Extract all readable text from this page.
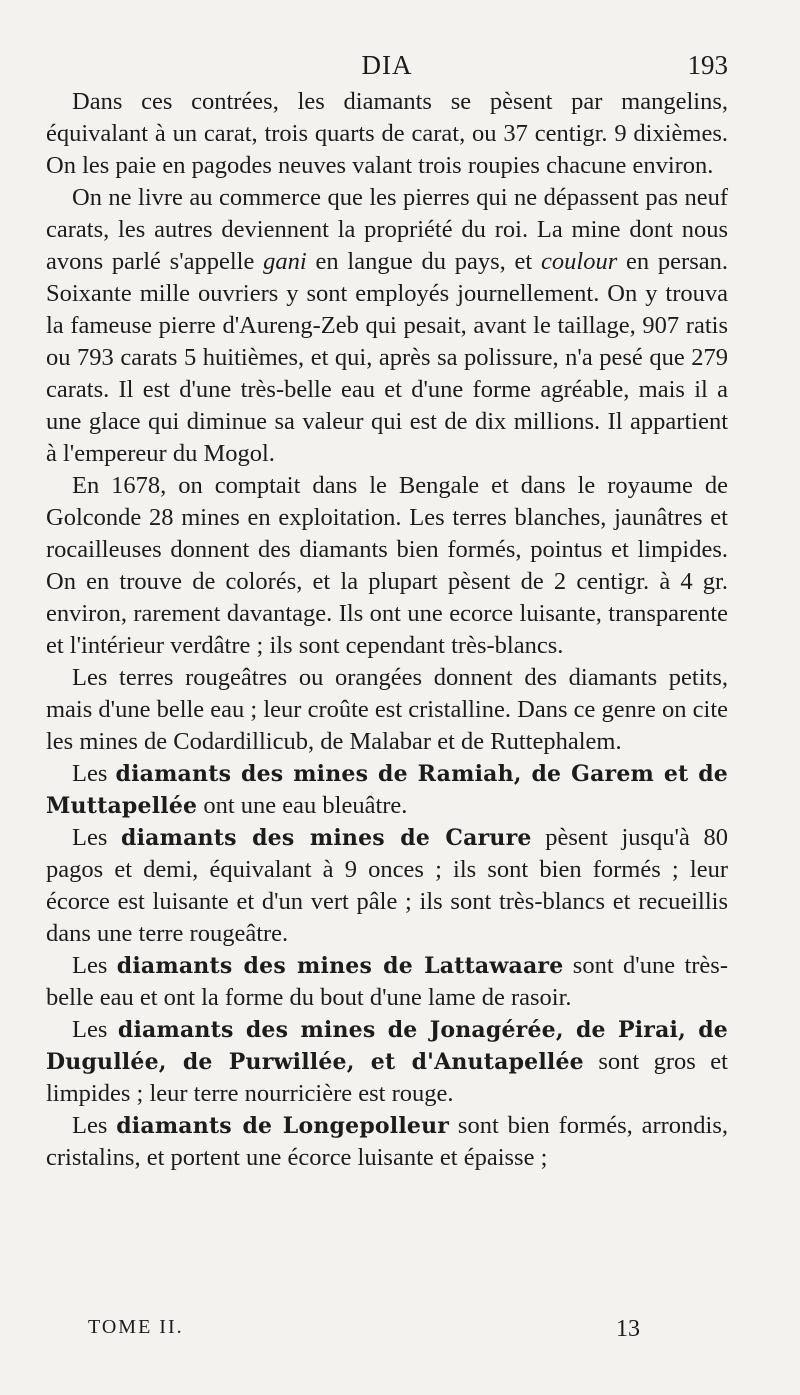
DIA	193

Dans ces contrées, les diamants se pèsent par mangelins, équivalant à un carat, trois quarts de carat, ou 37 centigr. 9 dixièmes. On les paie en pagodes neuves valant trois roupies chacune environ.

On ne livre au commerce que les pierres qui ne dépassent pas neuf carats, les autres deviennent la propriété du roi. La mine dont nous avons parlé s'appelle gani en langue du pays, et coulour en persan. Soixante mille ouvriers y sont employés journellement. On y trouva la fameuse pierre d'Aureng-Zeb qui pesait, avant le taillage, 907 ratis ou 793 carats 5 huitièmes, et qui, après sa polissure, n'a pesé que 279 carats. Il est d'une très-belle eau et d'une forme agréable, mais il a une glace qui diminue sa valeur qui est de dix millions. Il appartient à l'empereur du Mogol.

En 1678, on comptait dans le Bengale et dans le royaume de Golconde 28 mines en exploitation. Les terres blanches, jaunâtres et rocailleuses donnent des diamants bien formés, pointus et limpides. On en trouve de colorés, et la plupart pèsent de 2 centigr. à 4 gr. environ, rarement davantage. Ils ont une ecorce luisante, transparente et l'intérieur verdâtre ; ils sont cependant très-blancs.

Les terres rougeâtres ou orangées donnent des diamants petits, mais d'une belle eau ; leur croûte est cristalline. Dans ce genre on cite les mines de Codardillicub, de Malabar et de Ruttephalem.

Les diamants des mines de Ramiah, de Garem et de Muttapellée ont une eau bleuâtre.

Les diamants des mines de Carure pèsent jusqu'à 80 pagos et demi, équivalant à 9 onces ; ils sont bien formés ; leur écorce est luisante et d'un vert pâle ; ils sont très-blancs et recueillis dans une terre rougeâtre.

Les diamants des mines de Lattawaare sont d'une très-belle eau et ont la forme du bout d'une lame de rasoir.

Les diamants des mines de Jonagérée, de Pirai, de Dugullée, de Purwillée, et d'Anutapellée sont gros et limpides ; leur terre nourricière est rouge.

Les diamants de Longepolleur sont bien formés, arrondis, cristalins, et portent une écorce luisante et épaisse ;

TOME II.	13
